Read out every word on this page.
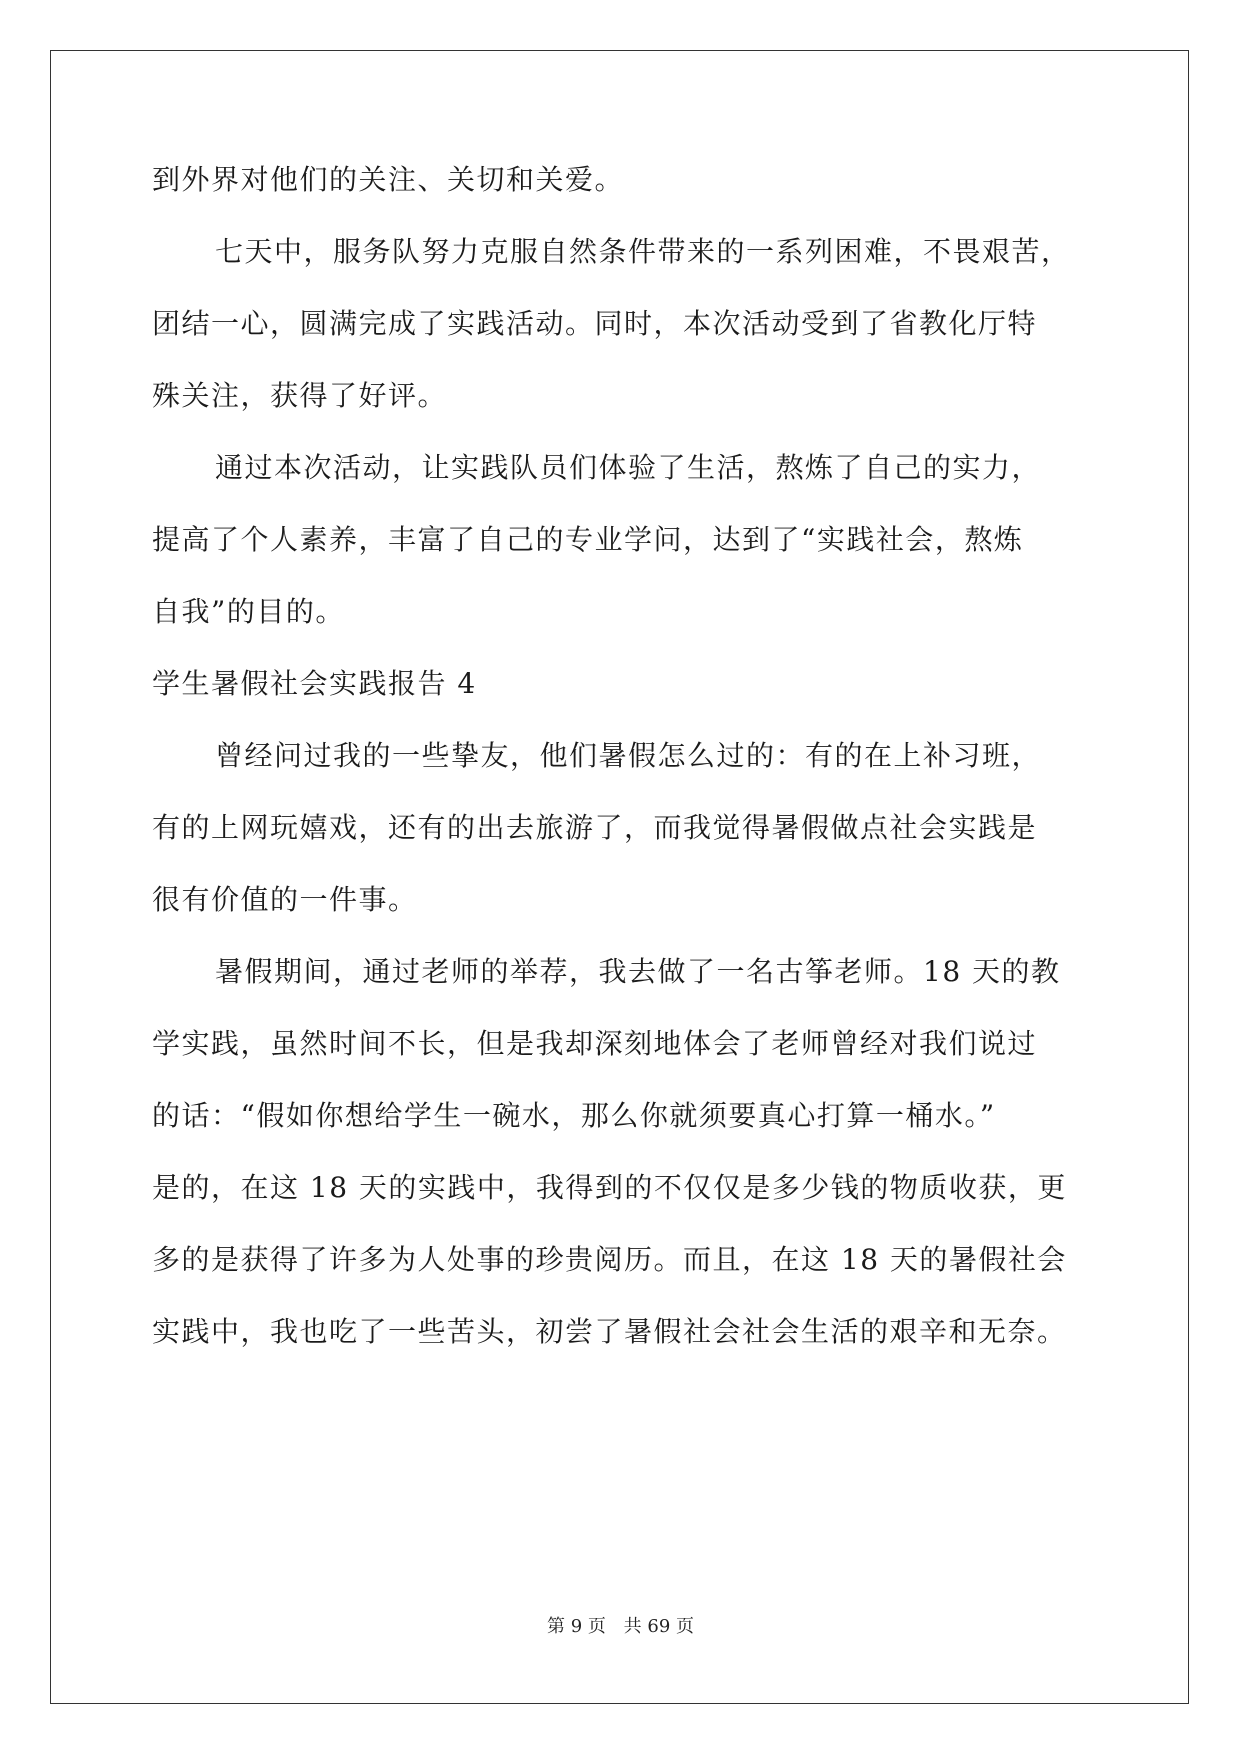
到外界对他们的关注、关切和关爱。
七天中，服务队努力克服自然条件带来的一系列困难，不畏艰苦，
团结一心，圆满完成了实践活动。同时，本次活动受到了省教化厅特
殊关注，获得了好评。
通过本次活动，让实践队员们体验了生活，熬炼了自己的实力，
提高了个人素养，丰富了自己的专业学问，达到了“实践社会，熬炼
自我”的目的。
学生暑假社会实践报告 4
曾经问过我的一些挚友，他们暑假怎么过的：有的在上补习班，
有的上网玩嬉戏，还有的出去旅游了，而我觉得暑假做点社会实践是
很有价值的一件事。
暑假期间，通过老师的举荐，我去做了一名古筝老师。18 天的教
学实践，虽然时间不长，但是我却深刻地体会了老师曾经对我们说过
的话：“假如你想给学生一碗水，那么你就须要真心打算一桶水。”
是的，在这 18 天的实践中，我得到的不仅仅是多少钱的物质收获，更
多的是获得了许多为人处事的珍贵阅历。而且，在这 18 天的暑假社会
实践中，我也吃了一些苦头，初尝了暑假社会社会生活的艰辛和无奈。
第 9 页 共 69 页
